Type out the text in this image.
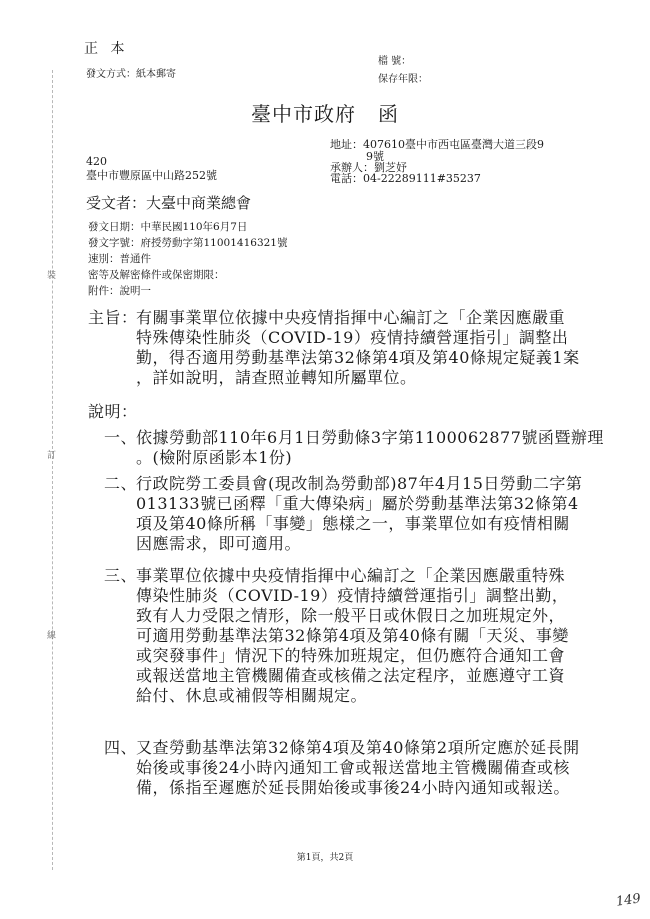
裝
訂
線
正 本
發文方式：紙本郵寄
檔 號：
保存年限：
臺中市政府   函
地址：407610臺中市西屯區臺灣大道三段9
9號
承辦人：劉芝妤
電話：04-22289111#35237
420
臺中市豐原區中山路252號
受文者：大臺中商業總會
發文日期：中華民國110年6月7日
發文字號：府授勞動字第11001416321號
速別：普通件
密等及解密條件或保密期限：
附件：說明一
主旨：
有關事業單位依據中央疫情指揮中心編訂之「企業因應嚴重
特殊傳染性肺炎（COVID-19）疫情持續營運指引」調整出
勤，得否適用勞動基準法第32條第4項及第40條規定疑義1案
，詳如說明，請查照並轉知所屬單位。
說明：
一、
依據勞動部110年6月1日勞動條3字第1100062877號函暨辦理
。(檢附原函影本1份)
二、
行政院勞工委員會(現改制為勞動部)87年4月15日勞動二字第
013133號已函釋「重大傳染病」屬於勞動基準法第32條第4
項及第40條所稱「事變」態樣之一，事業單位如有疫情相關
因應需求，即可適用。
三、
事業單位依據中央疫情指揮中心編訂之「企業因應嚴重特殊
傳染性肺炎（COVID-19）疫情持續營運指引」調整出勤，
致有人力受限之情形，除一般平日或休假日之加班規定外，
可適用勞動基準法第32條第4項及第40條有關「天災、事變
或突發事件」情況下的特殊加班規定，但仍應符合通知工會
或報送當地主管機關備查或核備之法定程序，並應遵守工資
給付、休息或補假等相關規定。
四、
又查勞動基準法第32條第4項及第40條第2項所定應於延長開
始後或事後24小時內通知工會或報送當地主管機關備查或核
備，係指至遲應於延長開始後或事後24小時內通知或報送。
第1頁，共2頁
149
